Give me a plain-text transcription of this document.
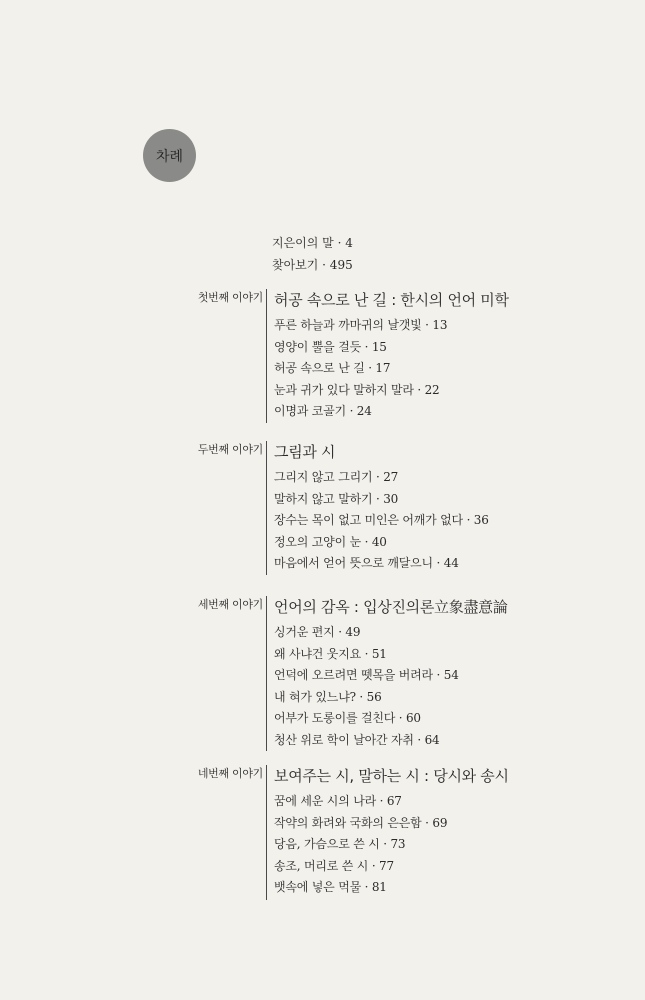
차례
지은이의 말 · 4
찾아보기 · 495
첫번째 이야기 허공 속으로 난 길 : 한시의 언어 미학
푸른 하늘과 까마귀의 날갯빛 · 13
영양이 뿔을 걸듯 · 15
허공 속으로 난 길 · 17
눈과 귀가 있다 말하지 말라 · 22
이명과 코골기 · 24
두번째 이야기 그림과 시
그리지 않고 그리기 · 27
말하지 않고 말하기 · 30
장수는 목이 없고 미인은 어깨가 없다 · 36
정오의 고양이 눈 · 40
마음에서 얻어 뜻으로 깨달으니 · 44
세번째 이야기 언어의 감옥 : 입상진의론立象盡意論
싱거운 편지 · 49
왜 사냐건 웃지요 · 51
언덕에 오르려면 뗏목을 버려라 · 54
내 혀가 있느냐? · 56
어부가 도롱이를 걸친다 · 60
청산 위로 학이 날아간 자취 · 64
네번째 이야기 보여주는 시, 말하는 시 : 당시와 송시
꿈에 세운 시의 나라 · 67
작약의 화려와 국화의 은은함 · 69
당음, 가슴으로 쓴 시 · 73
송조, 머리로 쓴 시 · 77
뱃속에 넣은 먹물 · 81
